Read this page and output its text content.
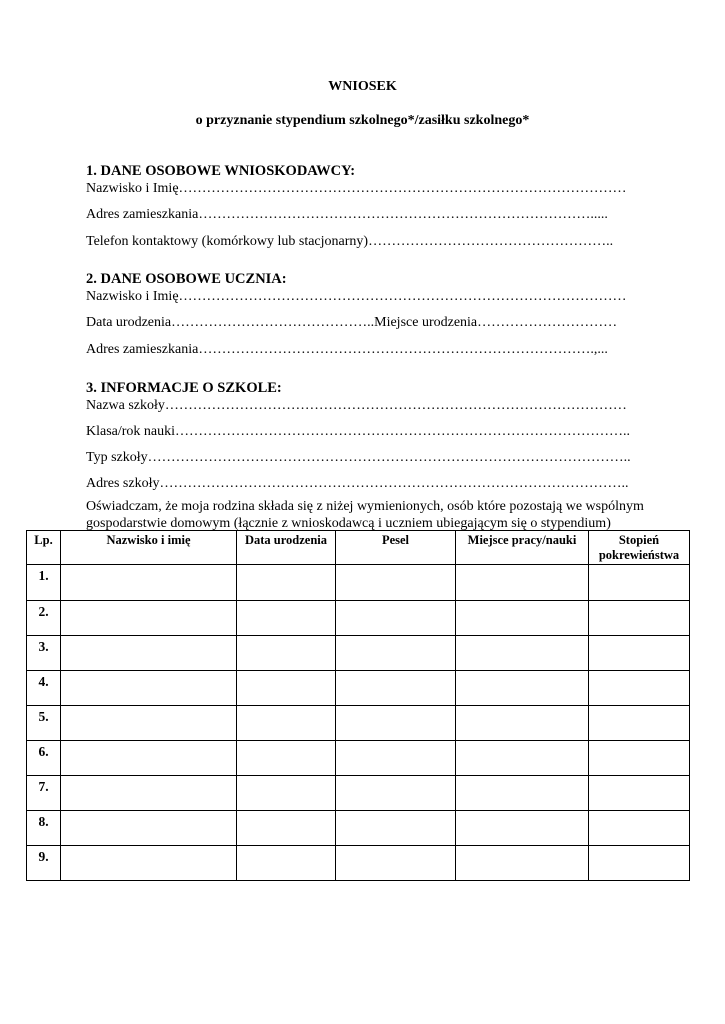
WNIOSEK
o przyznanie stypendium szkolnego*/zasiłku szkolnego*
1. DANE OSOBOWE WNIOSKODAWCY:
Nazwisko i Imię……………………………………………………………………………………
Adres zamieszkania………………………………………………………………………….....
Telefon kontaktowy (komórkowy lub stacjonarny)……………………………………………..
2. DANE OSOBOWE UCZNIA:
Nazwisko i Imię……………………………………………………………………………………
Data urodzenia……………………………………..Miejsce urodzenia…………………………
Adres zamieszkania………………………………………………………………………….,...
3. INFORMACJE O SZKOLE:
Nazwa szkoły………………………………………………………………………………………
Klasa/rok nauki……………………………………………………………………………………..
Typ szkoły…………………………………………………………………………………………..
Adres szkoły………………………………………………………………………………………..
Oświadczam, że moja rodzina składa się z niżej wymienionych, osób które pozostają we wspólnym gospodarstwie domowym (łącznie z wnioskodawcą i uczniem ubiegającym się o stypendium)
Lp.	Nazwisko i imię	Data urodzenia	Pesel	Miejsce pracy/nauki	Stopień pokrewieństwa
1.					
2.					
3.					
4.					
5.					
6.					
7.					
8.					
9.					
